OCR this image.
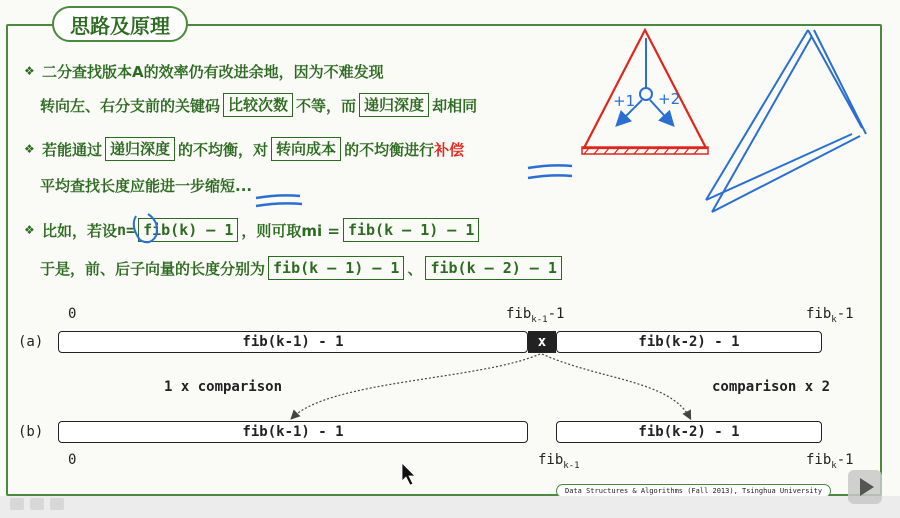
思路及原理
❖ 二分查找版本A的效率仍有改进余地，因为不难发现
转向左、右分支前的关键码 比较次数 不等，而 递归深度 却相同
❖ 若能通过 递归深度 的不均衡，对 转向成本 的不均衡进行 补偿
平均查找长度应能进一步缩短...
❖ 比如，若设 n = fib(k) – 1 ，则可取mi = fib(k – 1) – 1
于是，前、后子向量的长度分别为 fib(k – 1) – 1 、 fib(k – 2) – 1
0	fib$_{k-1}$-1	fib$_k$-1
(a)	fib(k-1) - 1	x	fib(k-2) - 1
1 x comparison	comparison x 2
(b)	fib(k-1) - 1	fib(k-2) - 1
0	fib$_{k-1}$	fib$_k$-1
+1 +2
Data Structures & Algorithms (Fall 2013), Tsinghua University
